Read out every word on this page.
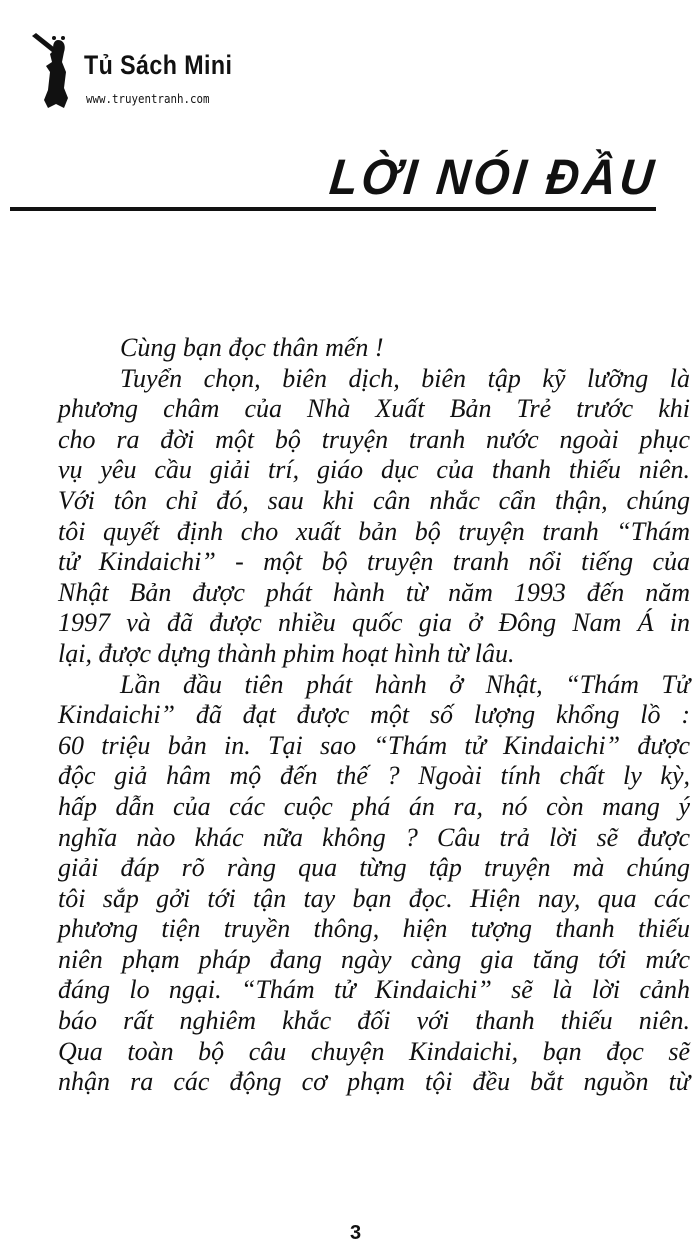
Tủ Sách Mini
www.truyentranh.com
LỜI NÓI ĐẦU
Cùng bạn đọc thân mến !
Tuyển chọn, biên dịch, biên tập kỹ lưỡng là
phương châm của Nhà Xuất Bản Trẻ trước khi
cho ra đời một bộ truyện tranh nước ngoài phục
vụ yêu cầu giải trí, giáo dục của thanh thiếu niên.
Với tôn chỉ đó, sau khi cân nhắc cẩn thận, chúng
tôi quyết định cho xuất bản bộ truyện tranh “Thám
tử Kindaichi” - một bộ truyện tranh nổi tiếng của
Nhật Bản được phát hành từ năm 1993 đến năm
1997 và đã được nhiều quốc gia ở Đông Nam Á in
lại, được dựng thành phim hoạt hình từ lâu.
Lần đầu tiên phát hành ở Nhật, “Thám Tử
Kindaichi” đã đạt được một số lượng khổng lồ :
60 triệu bản in. Tại sao “Thám tử Kindaichi” được
độc giả hâm mộ đến thế ? Ngoài tính chất ly kỳ,
hấp dẫn của các cuộc phá án ra, nó còn mang ý
nghĩa nào khác nữa không ? Câu trả lời sẽ được
giải đáp rõ ràng qua từng tập truyện mà chúng
tôi sắp gởi tới tận tay bạn đọc. Hiện nay, qua các
phương tiện truyền thông, hiện tượng thanh thiếu
niên phạm pháp đang ngày càng gia tăng tới mức
đáng lo ngại. “Thám tử Kindaichi” sẽ là lời cảnh
báo rất nghiêm khắc đối với thanh thiếu niên.
Qua toàn bộ câu chuyện Kindaichi, bạn đọc sẽ
nhận ra các động cơ phạm tội đều bắt nguồn từ
3
